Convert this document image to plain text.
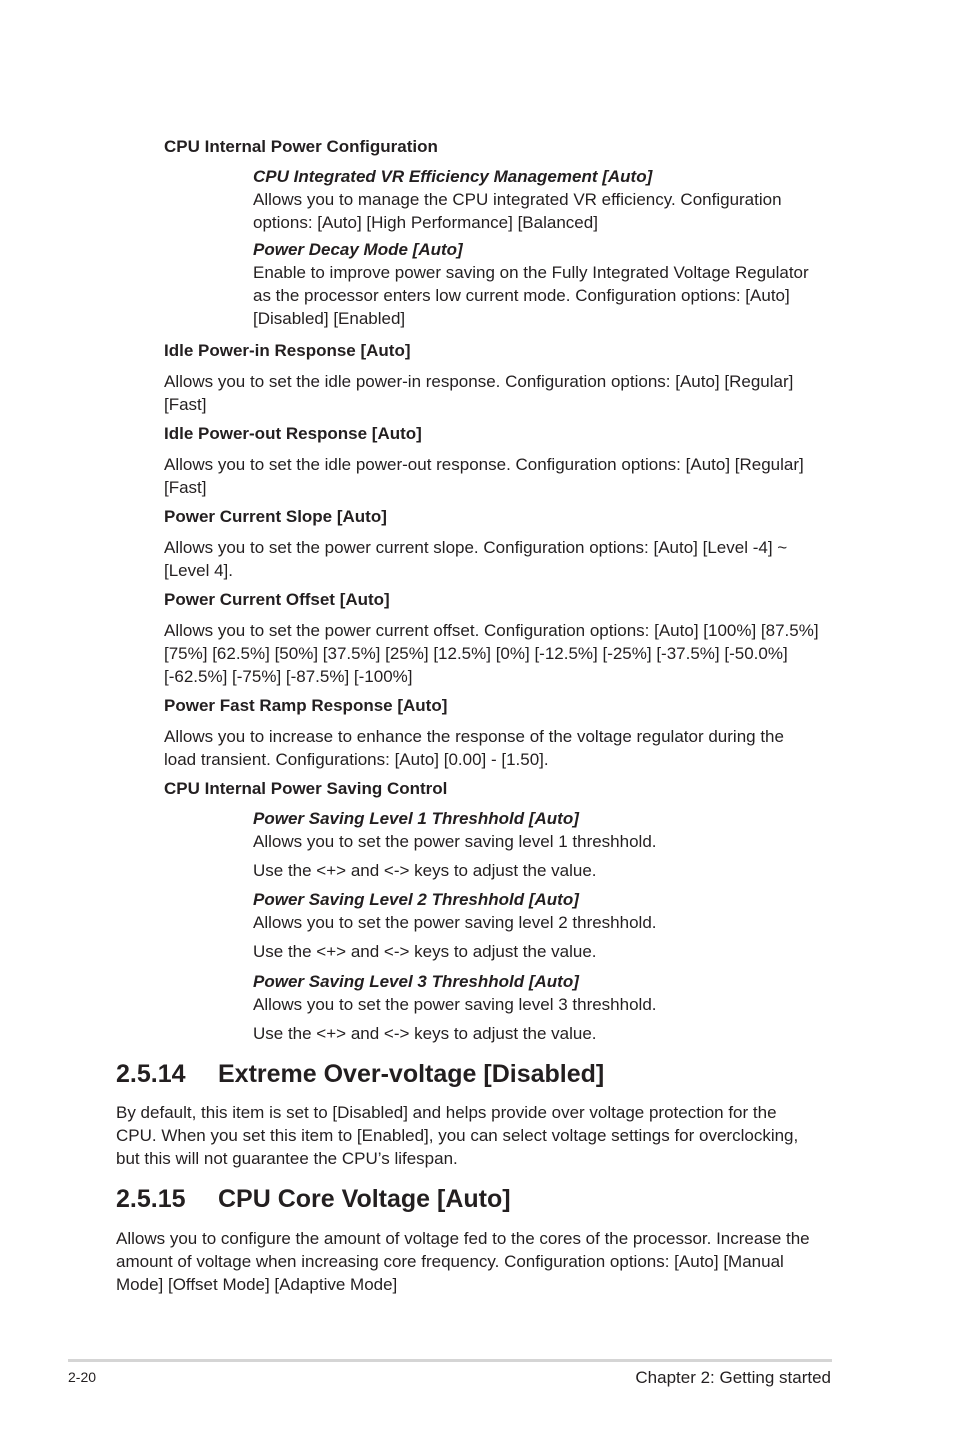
CPU Internal Power Configuration

CPU Integrated VR Efficiency Management [Auto]

Allows you to manage the CPU integrated VR efficiency. Configuration

options: [Auto] [High Performance] [Balanced]

Power Decay Mode [Auto]

Enable to improve power saving on the Fully Integrated Voltage Regulator

as the processor enters low current mode. Configuration options: [Auto]

[Disabled] [Enabled]

Idle Power-in Response [Auto]

Allows you to set the idle power-in response. Configuration options: [Auto] [Regular]

[Fast]

Idle Power-out Response [Auto]

Allows you to set the idle power-out response. Configuration options: [Auto] [Regular]

[Fast]

Power Current Slope [Auto]

Allows you to set the power current slope. Configuration options: [Auto] [Level -4] ~

[Level 4].

Power Current Offset [Auto]

Allows you to set the power current offset. Configuration options: [Auto] [100%] [87.5%]

[75%] [62.5%] [50%] [37.5%] [25%] [12.5%] [0%] [-12.5%] [-25%] [-37.5%] [-50.0%]

[-62.5%] [-75%] [-87.5%] [-100%]

Power Fast Ramp Response [Auto]

Allows you to increase to enhance the response of the voltage regulator during the

load transient. Configurations: [Auto] [0.00] - [1.50].

CPU Internal Power Saving Control

Power Saving Level 1 Threshhold [Auto]

Allows you to set the power saving level 1 threshhold.

Use the <+> and <-> keys to adjust the value.

Power Saving Level 2 Threshhold [Auto]

Allows you to set the power saving level 2 threshhold.

Use the <+> and <-> keys to adjust the value.

Power Saving Level 3 Threshhold [Auto]

Allows you to set the power saving level 3 threshhold.

Use the <+> and <-> keys to adjust the value.

2.5.14 Extreme Over-voltage [Disabled]

By default, this item is set to [Disabled] and helps provide over voltage protection for the

CPU. When you set this item to [Enabled], you can select voltage settings for overclocking,

but this will not guarantee the CPU’s lifespan.

2.5.15 CPU Core Voltage [Auto]

Allows you to configure the amount of voltage fed to the cores of the processor. Increase the

amount of voltage when increasing core frequency. Configuration options: [Auto] [Manual

Mode] [Offset Mode] [Adaptive Mode]

2-20	Chapter 2: Getting started
